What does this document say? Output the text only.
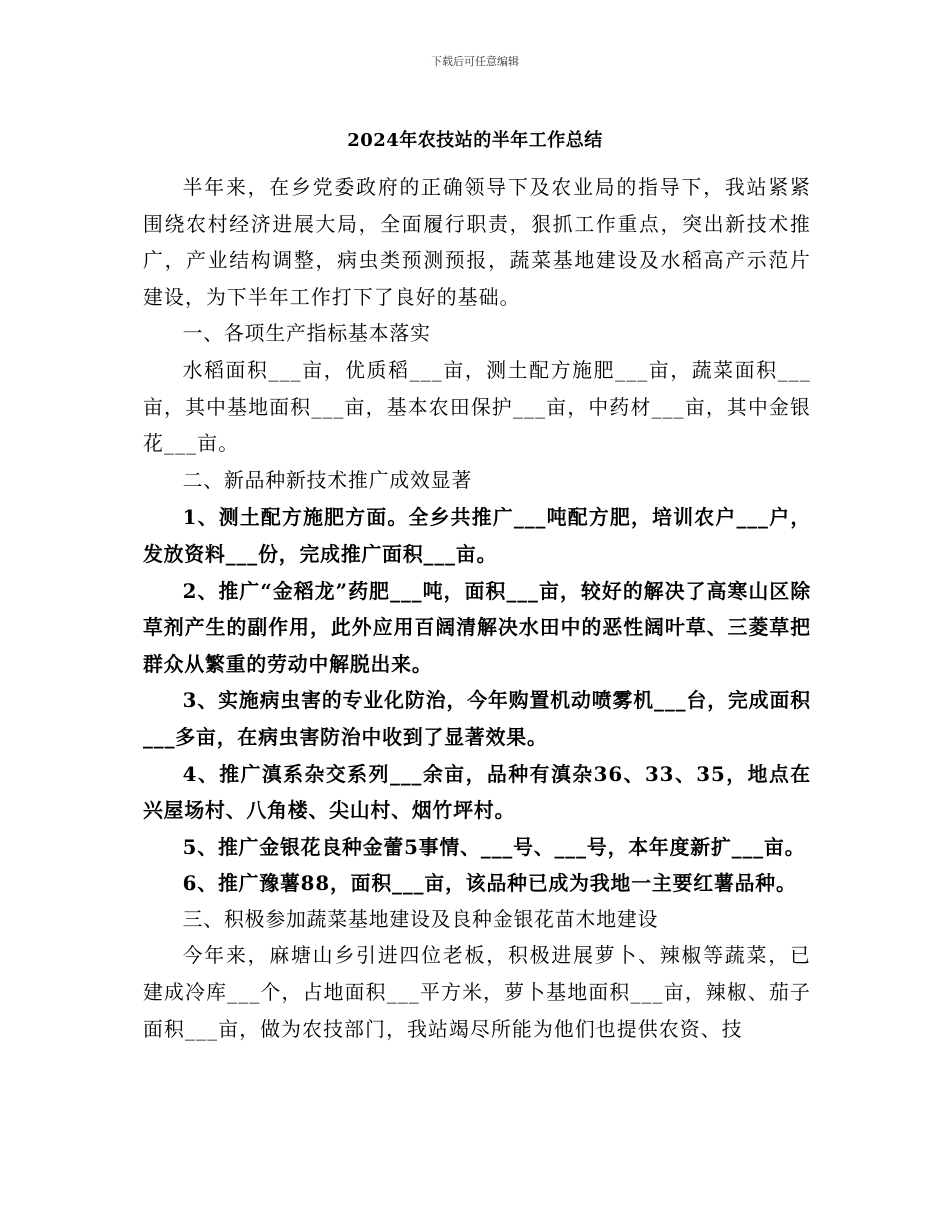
下载后可任意编辑
2024年农技站的半年工作总结

半年来，在乡党委政府的正确领导下及农业局的指导下，我站紧紧围绕农村经济进展大局，全面履行职责，狠抓工作重点，突出新技术推广，产业结构调整，病虫类预测预报，蔬菜基地建设及水稻高产示范片建设，为下半年工作打下了良好的基础。

一、各项生产指标基本落实

水稻面积___亩，优质稻___亩，测土配方施肥___亩，蔬菜面积___亩，其中基地面积___亩，基本农田保护___亩，中药材___亩，其中金银花___亩。

二、新品种新技术推广成效显著

1、测土配方施肥方面。全乡共推广___吨配方肥，培训农户___户，发放资料___份，完成推广面积___亩。

2、推广“金稻龙”药肥___吨，面积___亩，较好的解决了高寒山区除草剂产生的副作用，此外应用百阔清解决水田中的恶性阔叶草、三菱草把群众从繁重的劳动中解脱出来。

3、实施病虫害的专业化防治，今年购置机动喷雾机___台，完成面积___多亩，在病虫害防治中收到了显著效果。

4、推广滇系杂交系列___余亩，品种有滇杂36、33、35，地点在兴屋场村、八角楼、尖山村、烟竹坪村。

5、推广金银花良种金蕾5事情、___号、___号，本年度新扩___亩。

6、推广豫薯88，面积___亩，该品种已成为我地一主要红薯品种。

三、积极参加蔬菜基地建设及良种金银花苗木地建设

今年来，麻塘山乡引进四位老板，积极进展萝卜、辣椒等蔬菜，已建成冷库___个，占地面积___平方米，萝卜基地面积___亩，辣椒、茄子面积___亩，做为农技部门，我站竭尽所能为他们也提供农资、技
